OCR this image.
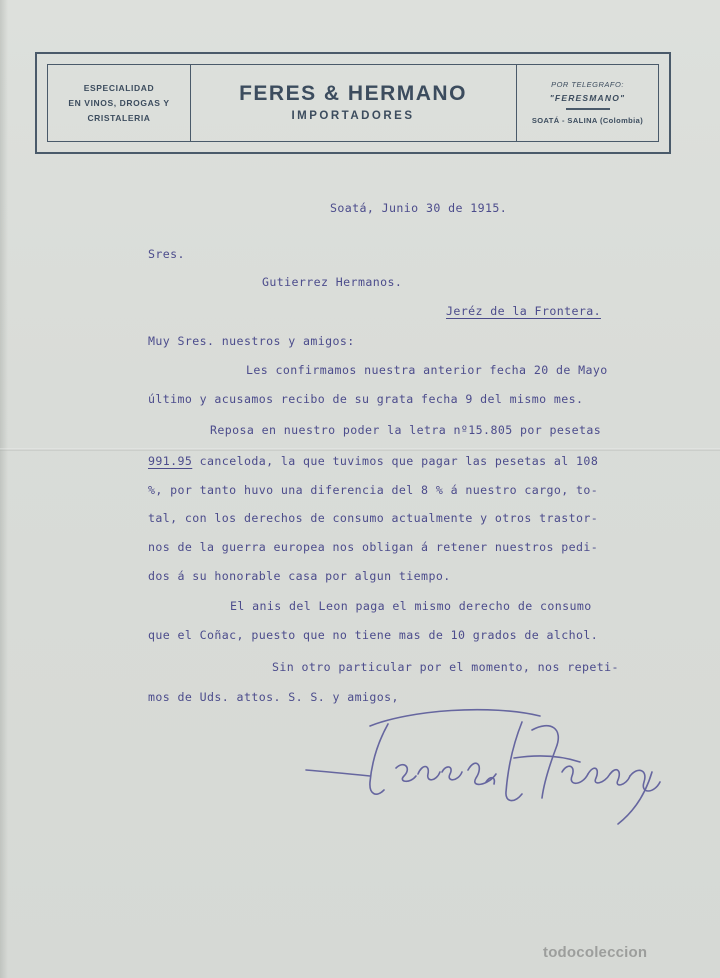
ESPECIALIDAD
EN VINOS, DROGAS Y
CRISTALERIA
FERES & HERMANO
IMPORTADORES
POR TELEGRAFO:
"FERESMANO"
SOATÁ - SALINA (Colombia)
Soatá, Junio 30 de 1915.
Sres.
Gutierrez Hermanos.
Jeréz de la Frontera.
Muy Sres. nuestros y amigos:
Les confirmamos nuestra anterior fecha 20 de Mayo
último y acusamos recibo de su grata fecha 9 del mismo mes.
Reposa en nuestro poder la letra nº15.805 por pesetas
991.95 canceloda, la que tuvimos que pagar las pesetas al 108
%, por tanto huvo una diferencia del 8 % á nuestro cargo, to-
tal, con los derechos de consumo actualmente y otros trastor-
nos de la guerra europea nos obligan á retener nuestros pedi-
dos á su honorable casa por algun tiempo.
El anis del Leon paga el mismo derecho de consumo
que el Coñac, puesto que no tiene mas de 10 grados de alchol.
Sin otro particular por el momento, nos repeti-
mos de Uds. attos. S. S. y amigos,
todocoleccion
